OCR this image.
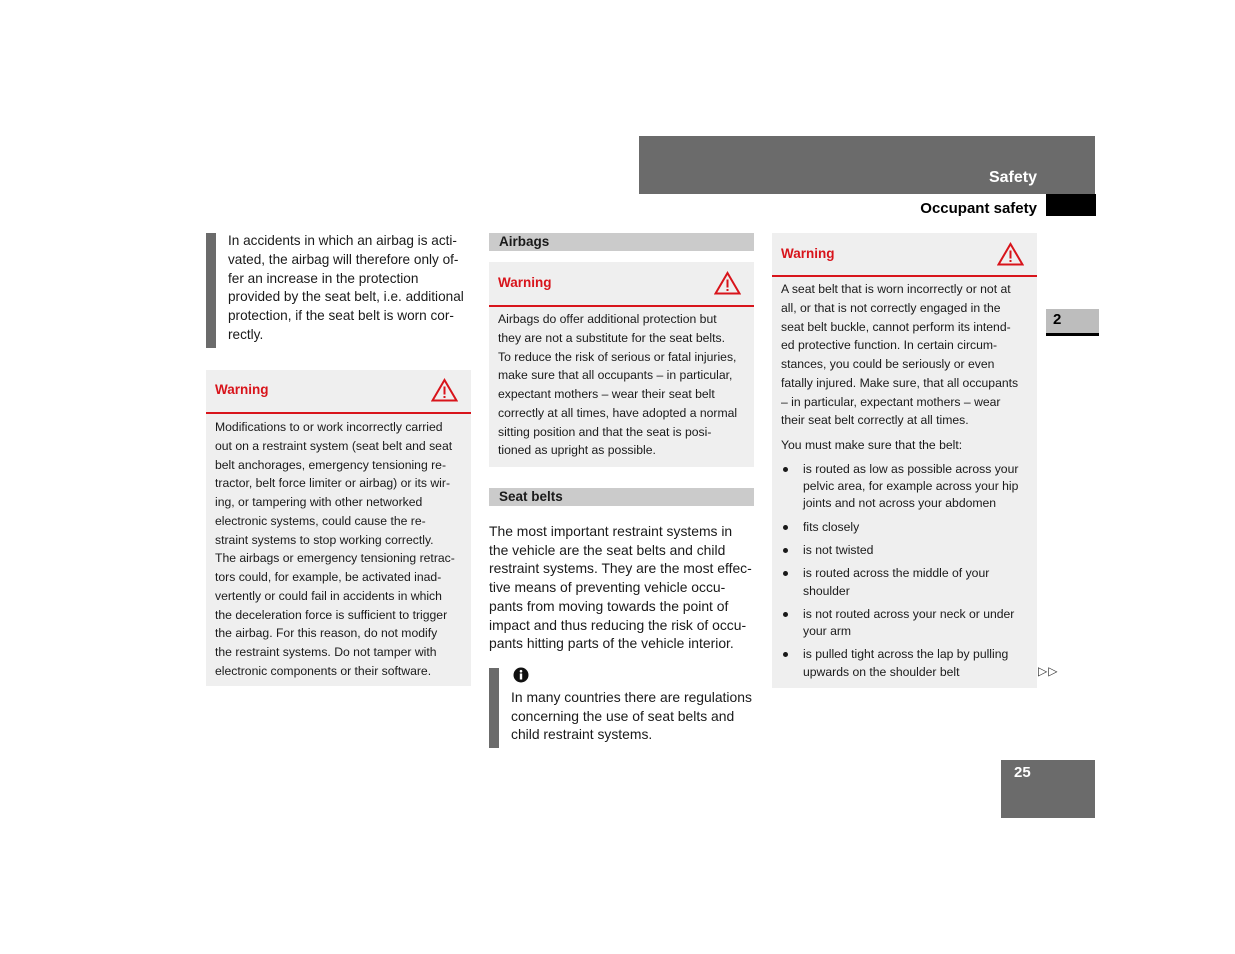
Safety
Occupant safety
2
25
▷▷

In accidents in which an airbag is acti-

vated, the airbag will therefore only of-

fer an increase in the protection

provided by the seat belt, i.e. additional

protection, if the seat belt is worn cor-

rectly.

Warning

Modifications to or work incorrectly carried

out on a restraint system (seat belt and seat

belt anchorages, emergency tensioning re-

tractor, belt force limiter or airbag) or its wir-

ing, or tampering with other networked

electronic systems, could cause the re-

straint systems to stop working correctly.

The airbags or emergency tensioning retrac-

tors could, for example, be activated inad-

vertently or could fail in accidents in which

the deceleration force is sufficient to trigger

the airbag. For this reason, do not modify

the restraint systems. Do not tamper with

electronic components or their software.

Airbags
Warning

Airbags do offer additional protection but

they are not a substitute for the seat belts.

To reduce the risk of serious or fatal injuries,

make sure that all occupants – in particular,

expectant mothers – wear their seat belt

correctly at all times, have adopted a normal

sitting position and that the seat is posi-

tioned as upright as possible.

Seat belts

The most important restraint systems in

the vehicle are the seat belts and child

restraint systems. They are the most effec-

tive means of preventing vehicle occu-

pants from moving towards the point of

impact and thus reducing the risk of occu-

pants hitting parts of the vehicle interior.

In many countries there are regulations

concerning the use of seat belts and

child restraint systems.

Warning

A seat belt that is worn incorrectly or not at

all, or that is not correctly engaged in the

seat belt buckle, cannot perform its intend-

ed protective function. In certain circum-

stances, you could be seriously or even

fatally injured. Make sure, that all occupants

– in particular, expectant mothers – wear

their seat belt correctly at all times.

You must make sure that the belt:

is routed as low as possible across your
pelvic area, for example across your hip
joints and not across your abdomen
fits closely
is not twisted
is routed across the middle of your
shoulder
is not routed across your neck or under
your arm
is pulled tight across the lap by pulling
upwards on the shoulder belt
